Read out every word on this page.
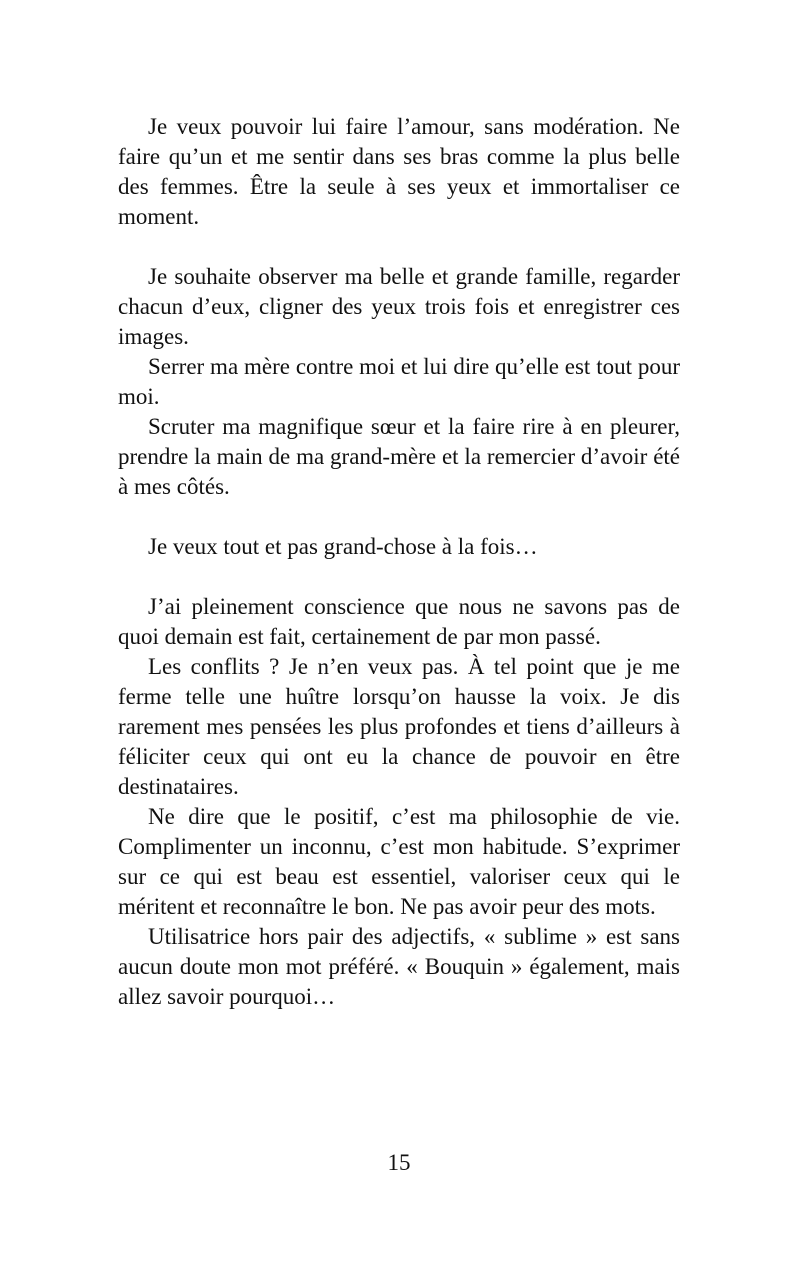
Je veux pouvoir lui faire l’amour, sans modération. Ne faire qu’un et me sentir dans ses bras comme la plus belle des femmes. Être la seule à ses yeux et immortaliser ce moment.

Je souhaite observer ma belle et grande famille, regarder chacun d’eux, cligner des yeux trois fois et enregistrer ces images.

Serrer ma mère contre moi et lui dire qu’elle est tout pour moi.

Scruter ma magnifique sœur et la faire rire à en pleurer, prendre la main de ma grand-mère et la remercier d’avoir été à mes côtés.

Je veux tout et pas grand-chose à la fois…

J’ai pleinement conscience que nous ne savons pas de quoi demain est fait, certainement de par mon passé.

Les conflits ? Je n’en veux pas. À tel point que je me ferme telle une huître lorsqu’on hausse la voix. Je dis rarement mes pensées les plus profondes et tiens d’ailleurs à féliciter ceux qui ont eu la chance de pouvoir en être destinataires.

Ne dire que le positif, c’est ma philosophie de vie. Complimenter un inconnu, c’est mon habitude. S’exprimer sur ce qui est beau est essentiel, valoriser ceux qui le méritent et reconnaître le bon. Ne pas avoir peur des mots.

Utilisatrice hors pair des adjectifs, « sublime » est sans aucun doute mon mot préféré. « Bouquin » également, mais allez savoir pourquoi…

15
